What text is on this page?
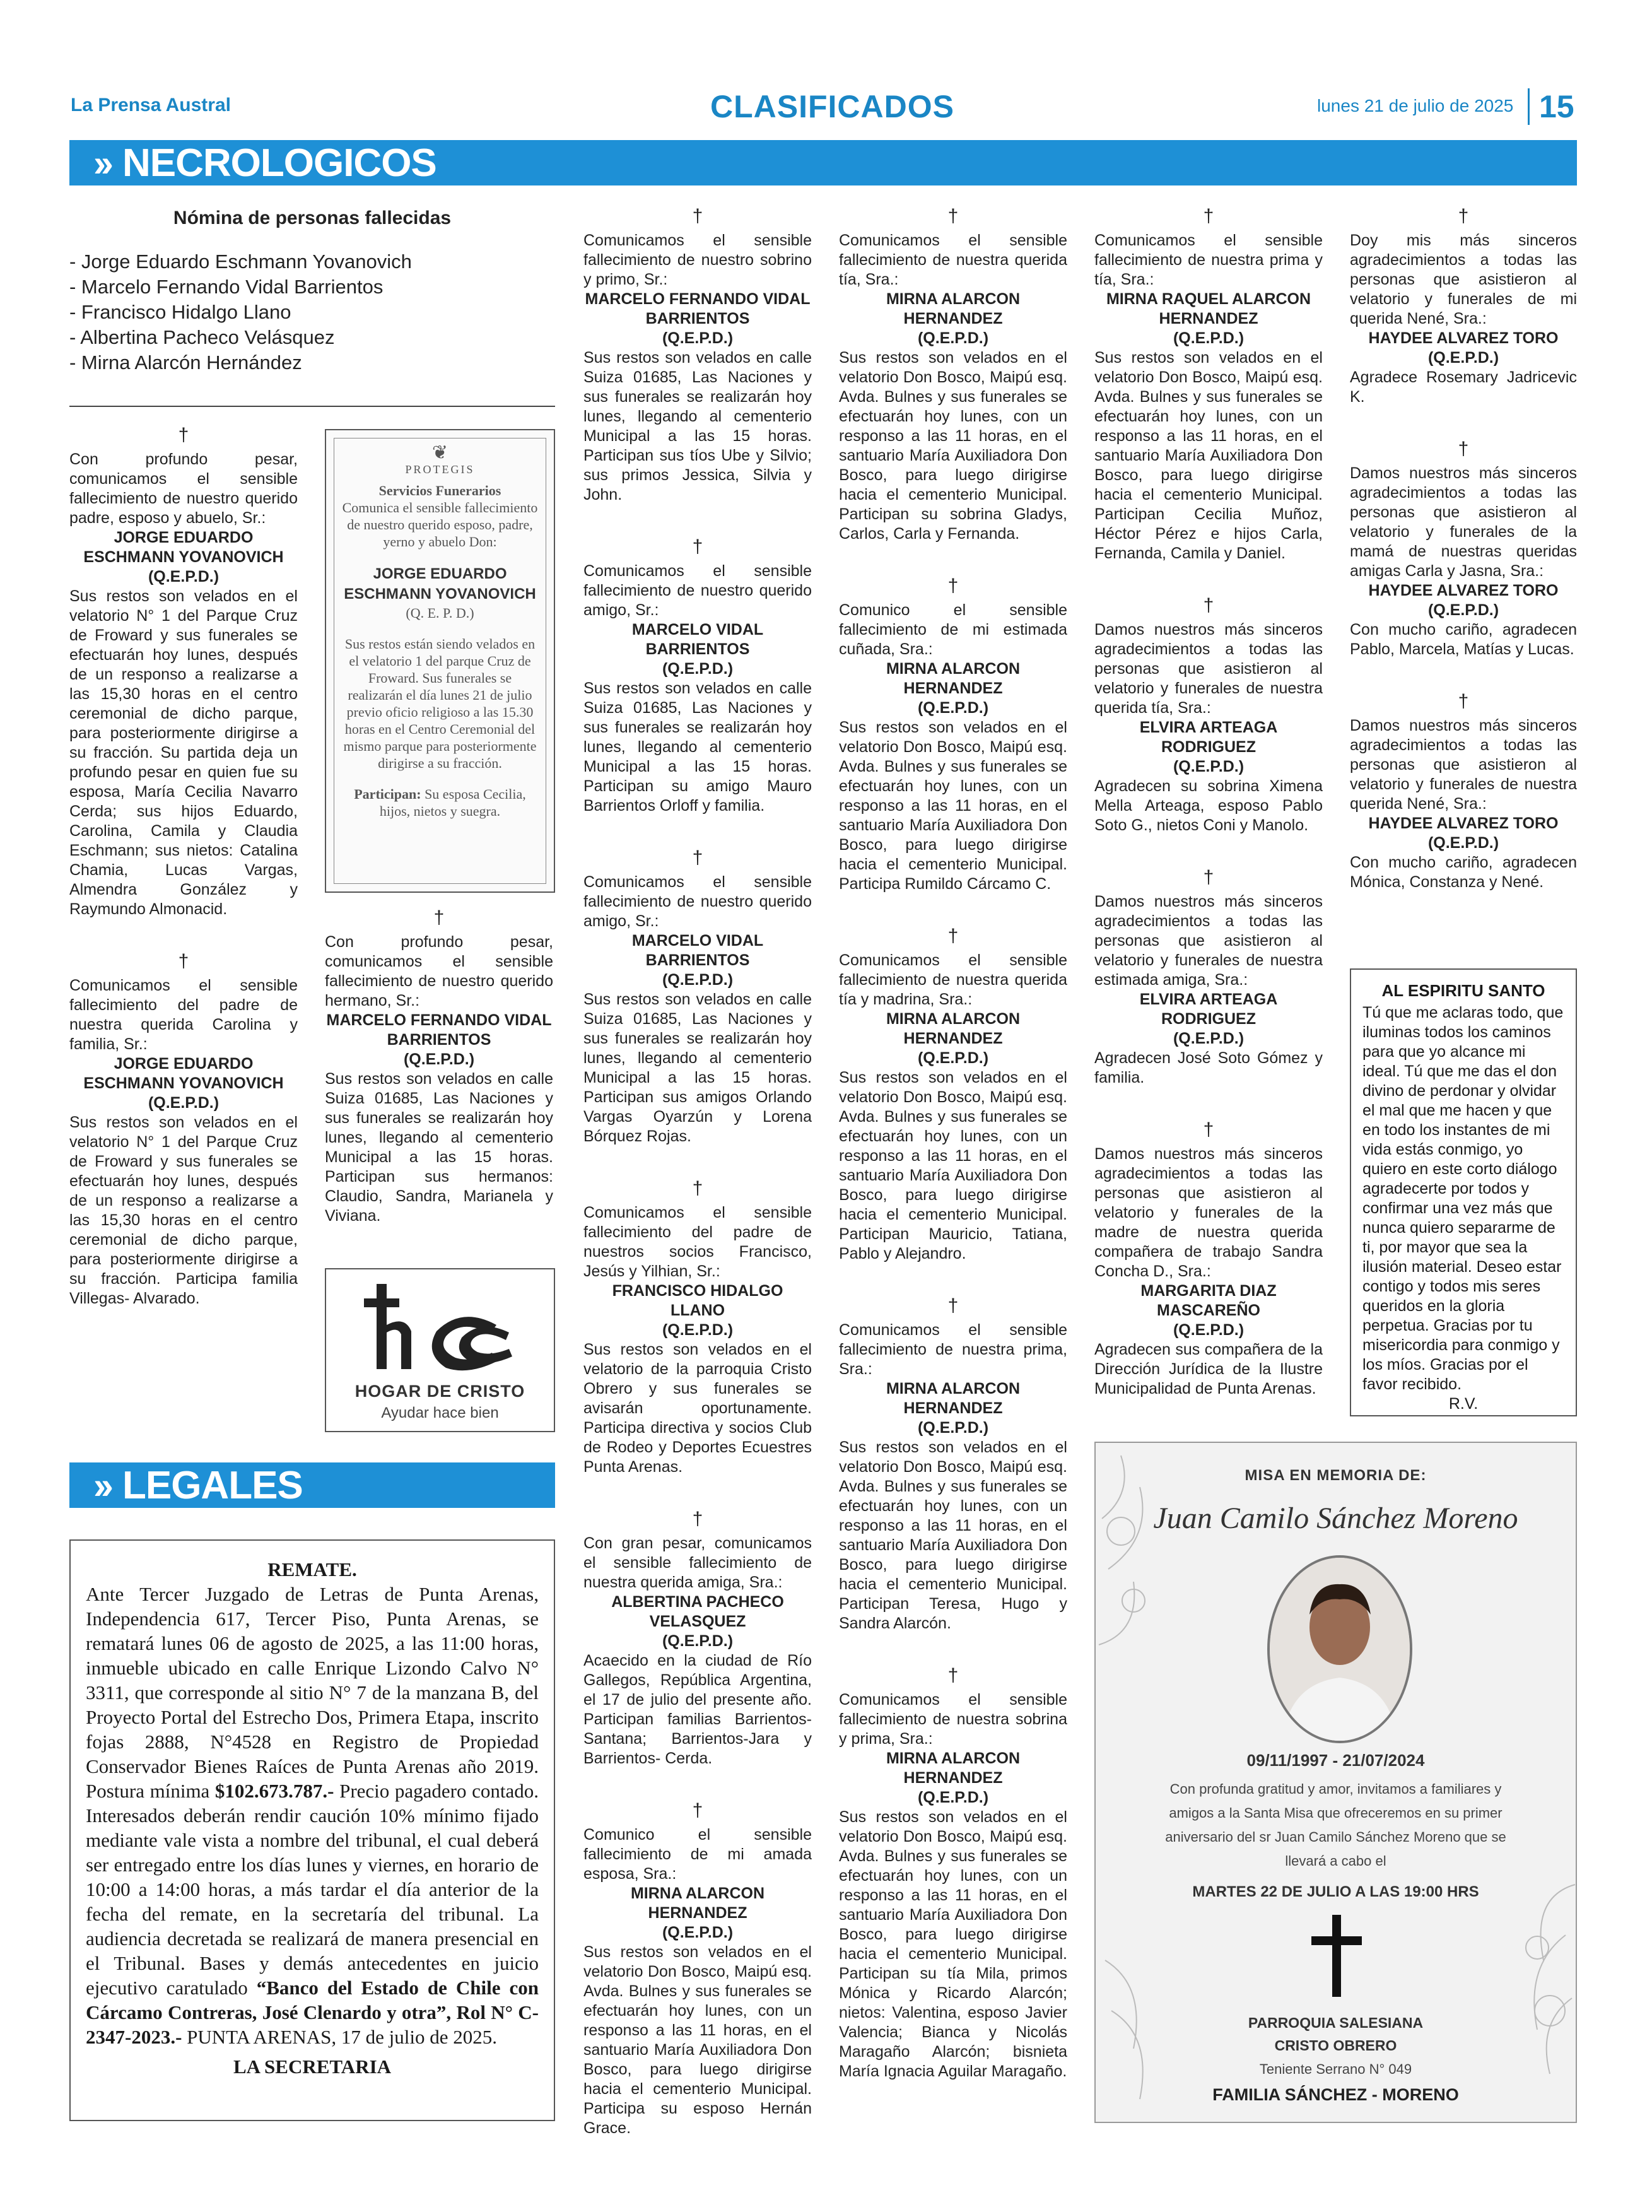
La Prensa Austral	CLASIFICADOS	lunes 21 de julio de 2025 15
›› NECROLOGICOS
Nómina de personas fallecidas
- Jorge Eduardo Eschmann Yovanovich
- Marcelo Fernando Vidal Barrientos
- Francisco Hidalgo Llano
- Albertina Pacheco Velásquez
- Mirna Alarcón Hernández
†

Con profundo pesar, comunicamos el sensible fallecimiento de nuestro querido padre, esposo y abuelo, Sr.:

JORGE EDUARDO ESCHMANN YOVANOVICH
(Q.E.P.D.)

Sus restos son velados en el velatorio N° 1 del Parque Cruz de Froward y sus funerales se efectuarán hoy lunes, después de un responso a realizarse a las 15,30 horas en el centro ceremonial de dicho parque, para posteriormente dirigirse a su fracción. Su partida deja un profundo pesar en quien fue su esposa, María Cecilia Navarro Cerda; sus hijos Eduardo, Carolina, Camila y Claudia Eschmann; sus nietos: Catalina Chamia, Lucas Vargas, Almendra González y Raymundo Almonacid.

†

Comunicamos el sensible fallecimiento del padre de nuestra querida Carolina y familia, Sr.:

JORGE EDUARDO ESCHMANN YOVANOVICH
(Q.E.P.D.)

Sus restos son velados en el velatorio N° 1 del Parque Cruz de Froward y sus funerales se efectuarán hoy lunes, después de un responso a realizarse a las 15,30 horas en el centro ceremonial de dicho parque, para posteriormente dirigirse a su fracción. Participa familia Villegas- Alvarado.

❦
PROTEGIS
Servicios Funerarios
Comunica el sensible fallecimiento de nuestro querido esposo, padre, yerno y abuelo Don:
JORGE EDUARDO ESCHMANN YOVANOVICH
(Q. E. P. D.)
Sus restos están siendo velados en el velatorio 1 del parque Cruz de Froward. Sus funerales se realizarán el día lunes 21 de julio previo oficio religioso a las 15.30 horas en el Centro Ceremonial del mismo parque para posteriormente dirigirse a su fracción.
Participan: Su esposa Cecilia, hijos, nietos y suegra.
†

Con profundo pesar, comunicamos el sensible fallecimiento de nuestro querido hermano, Sr.:

MARCELO FERNANDO VIDAL BARRIENTOS
(Q.E.P.D.)

Sus restos son velados en calle Suiza 01685, Las Naciones y sus funerales se realizarán hoy lunes, llegando al cementerio Municipal a las 15 horas. Participan sus hermanos: Claudio, Sandra, Marianela y Viviana.

HOGAR DE CRISTO
Ayudar hace bien
›› LEGALES
REMATE.
Ante Tercer Juzgado de Letras de Punta Arenas, Independencia 617, Tercer Piso, Punta Arenas, se rematará lunes 06 de agosto de 2025, a las 11:00 horas, inmueble ubicado en calle Enrique Lizondo Calvo N° 3311, que corresponde al sitio N° 7 de la manzana B, del Proyecto Portal del Estrecho Dos, Primera Etapa, inscrito fojas 2888, N°4528 en Registro de Propiedad Conservador Bienes Raíces de Punta Arenas año 2019. Postura mínima $102.673.787.- Precio pagadero contado. Interesados deberán rendir caución 10% mínimo fijado mediante vale vista a nombre del tribunal, el cual deberá ser entregado entre los días lunes y viernes, en horario de 10:00 a 14:00 horas, a más tardar el día anterior de la fecha del remate, en la secretaría del tribunal. La audiencia decretada se realizará de manera presencial en el Tribunal. Bases y demás antecedentes en juicio ejecutivo caratulado “Banco del Estado de Chile con Cárcamo Contreras, José Clenardo y otra”, Rol N° C-2347-2023.- PUNTA ARENAS, 17 de julio de 2025.
LA SECRETARIA
†

Comunicamos el sensible fallecimiento de nuestro sobrino y primo, Sr.:

MARCELO FERNANDO VIDAL BARRIENTOS
(Q.E.P.D.)

Sus restos son velados en calle Suiza 01685, Las Naciones y sus funerales se realizarán hoy lunes, llegando al cementerio Municipal a las 15 horas. Participan sus tíos Ube y Silvio; sus primos Jessica, Silvia y John.

†

Comunicamos el sensible fallecimiento de nuestro querido amigo, Sr.:

MARCELO VIDAL BARRIENTOS
(Q.E.P.D.)

Sus restos son velados en calle Suiza 01685, Las Naciones y sus funerales se realizarán hoy lunes, llegando al cementerio Municipal a las 15 horas. Participan su amigo Mauro Barrientos Orloff y familia.

†

Comunicamos el sensible fallecimiento de nuestro querido amigo, Sr.:

MARCELO VIDAL BARRIENTOS
(Q.E.P.D.)

Sus restos son velados en calle Suiza 01685, Las Naciones y sus funerales se realizarán hoy lunes, llegando al cementerio Municipal a las 15 horas. Participan sus amigos Orlando Vargas Oyarzún y Lorena Bórquez Rojas.

†

Comunicamos el sensible fallecimiento del padre de nuestros socios Francisco, Jesús y Yilhian, Sr.:

FRANCISCO HIDALGO LLANO
(Q.E.P.D.)

Sus restos son velados en el velatorio de la parroquia Cristo Obrero y sus funerales se avisarán oportunamente. Participa directiva y socios Club de Rodeo y Deportes Ecuestres Punta Arenas.

†

Con gran pesar, comunicamos el sensible fallecimiento de nuestra querida amiga, Sra.:

ALBERTINA PACHECO VELASQUEZ
(Q.E.P.D.)

Acaecido en la ciudad de Río Gallegos, República Argentina, el 17 de julio del presente año. Participan familias Barrientos- Santana; Barrientos-Jara y Barrientos- Cerda.

†

Comunico el sensible fallecimiento de mi amada esposa, Sra.:

MIRNA ALARCON HERNANDEZ
(Q.E.P.D.)

Sus restos son velados en el velatorio Don Bosco, Maipú esq. Avda. Bulnes y sus funerales se efectuarán hoy lunes, con un responso a las 11 horas, en el santuario María Auxiliadora Don Bosco, para luego dirigirse hacia el cementerio Municipal. Participa su esposo Hernán Grace.

†

Comunicamos el sensible fallecimiento de nuestra querida tía, Sra.:

MIRNA ALARCON HERNANDEZ
(Q.E.P.D.)

Sus restos son velados en el velatorio Don Bosco, Maipú esq. Avda. Bulnes y sus funerales se efectuarán hoy lunes, con un responso a las 11 horas, en el santuario María Auxiliadora Don Bosco, para luego dirigirse hacia el cementerio Municipal. Participan su sobrina Gladys, Carlos, Carla y Fernanda.

†

Comunico el sensible fallecimiento de mi estimada cuñada, Sra.:

MIRNA ALARCON HERNANDEZ
(Q.E.P.D.)

Sus restos son velados en el velatorio Don Bosco, Maipú esq. Avda. Bulnes y sus funerales se efectuarán hoy lunes, con un responso a las 11 horas, en el santuario María Auxiliadora Don Bosco, para luego dirigirse hacia el cementerio Municipal. Participa Rumildo Cárcamo C.

†

Comunicamos el sensible fallecimiento de nuestra querida tía y madrina, Sra.:

MIRNA ALARCON HERNANDEZ
(Q.E.P.D.)

Sus restos son velados en el velatorio Don Bosco, Maipú esq. Avda. Bulnes y sus funerales se efectuarán hoy lunes, con un responso a las 11 horas, en el santuario María Auxiliadora Don Bosco, para luego dirigirse hacia el cementerio Municipal. Participan Mauricio, Tatiana, Pablo y Alejandro.

†

Comunicamos el sensible fallecimiento de nuestra prima, Sra.:

MIRNA ALARCON HERNANDEZ
(Q.E.P.D.)

Sus restos son velados en el velatorio Don Bosco, Maipú esq. Avda. Bulnes y sus funerales se efectuarán hoy lunes, con un responso a las 11 horas, en el santuario María Auxiliadora Don Bosco, para luego dirigirse hacia el cementerio Municipal. Participan Teresa, Hugo y Sandra Alarcón.

†

Comunicamos el sensible fallecimiento de nuestra sobrina y prima, Sra.:

MIRNA ALARCON HERNANDEZ
(Q.E.P.D.)

Sus restos son velados en el velatorio Don Bosco, Maipú esq. Avda. Bulnes y sus funerales se efectuarán hoy lunes, con un responso a las 11 horas, en el santuario María Auxiliadora Don Bosco, para luego dirigirse hacia el cementerio Municipal. Participan su tía Mila, primos Mónica y Ricardo Alarcón; nietos: Valentina, esposo Javier Valencia; Bianca y Nicolás Maragaño Alarcón; bisnieta María Ignacia Aguilar Maragaño.

†

Comunicamos el sensible fallecimiento de nuestra prima y tía, Sra.:

MIRNA RAQUEL ALARCON HERNANDEZ
(Q.E.P.D.)

Sus restos son velados en el velatorio Don Bosco, Maipú esq. Avda. Bulnes y sus funerales se efectuarán hoy lunes, con un responso a las 11 horas, en el santuario María Auxiliadora Don Bosco, para luego dirigirse hacia el cementerio Municipal. Participan Cecilia Muñoz, Héctor Pérez e hijos Carla, Fernanda, Camila y Daniel.

†

Damos nuestros más sinceros agradecimientos a todas las personas que asistieron al velatorio y funerales de nuestra querida tía, Sra.:

ELVIRA ARTEAGA RODRIGUEZ
(Q.E.P.D.)

Agradecen su sobrina Ximena Mella Arteaga, esposo Pablo Soto G., nietos Coni y Manolo.

†

Damos nuestros más sinceros agradecimientos a todas las personas que asistieron al velatorio y funerales de nuestra estimada amiga, Sra.:

ELVIRA ARTEAGA RODRIGUEZ
(Q.E.P.D.)

Agradecen José Soto Gómez y familia.

†

Damos nuestros más sinceros agradecimientos a todas las personas que asistieron al velatorio y funerales de la madre de nuestra querida compañera de trabajo Sandra Concha D., Sra.:

MARGARITA DIAZ MASCAREÑO
(Q.E.P.D.)

Agradecen sus compañera de la Dirección Jurídica de la Ilustre Municipalidad de Punta Arenas.

†

Doy mis más sinceros agradecimientos a todas las personas que asistieron al velatorio y funerales de mi querida Nené, Sra.:

HAYDEE ALVAREZ TORO
(Q.E.P.D.)

Agradece Rosemary Jadricevic K.

†

Damos nuestros más sinceros agradecimientos a todas las personas que asistieron al velatorio y funerales de la mamá de nuestras queridas amigas Carla y Jasna, Sra.:

HAYDEE ALVAREZ TORO
(Q.E.P.D.)

Con mucho cariño, agradecen Pablo, Marcela, Matías y Lucas.

†

Damos nuestros más sinceros agradecimientos a todas las personas que asistieron al velatorio y funerales de nuestra querida Nené, Sra.:

HAYDEE ALVAREZ TORO
(Q.E.P.D.)

Con mucho cariño, agradecen Mónica, Constanza y Nené.

AL ESPIRITU SANTO
Tú que me aclaras todo, que iluminas todos los caminos para que yo alcance mi ideal. Tú que me das el don divino de perdonar y olvidar el mal que me hacen y que en todo los instantes de mi vida estás conmigo, yo quiero en este corto diálogo agradecerte por todos y confirmar una vez más que nunca quiero separarme de ti, por mayor que sea la ilusión material. Deseo estar contigo y todos mis seres queridos en la gloria perpetua. Gracias por tu misericordia para conmigo y los míos. Gracias por el favor recibido.
R.V.
MISA EN MEMORIA DE:
Juan Camilo Sánchez Moreno
09/11/1997 - 21/07/2024
Con profunda gratitud y amor, invitamos a familiares y amigos a la Santa Misa que ofreceremos en su primer aniversario del sr Juan Camilo Sánchez Moreno que se llevará a cabo el
MARTES 22 DE JULIO A LAS 19:00 HRS
PARROQUIA SALESIANA
CRISTO OBRERO
Teniente Serrano N° 049
FAMILIA SÁNCHEZ - MORENO
